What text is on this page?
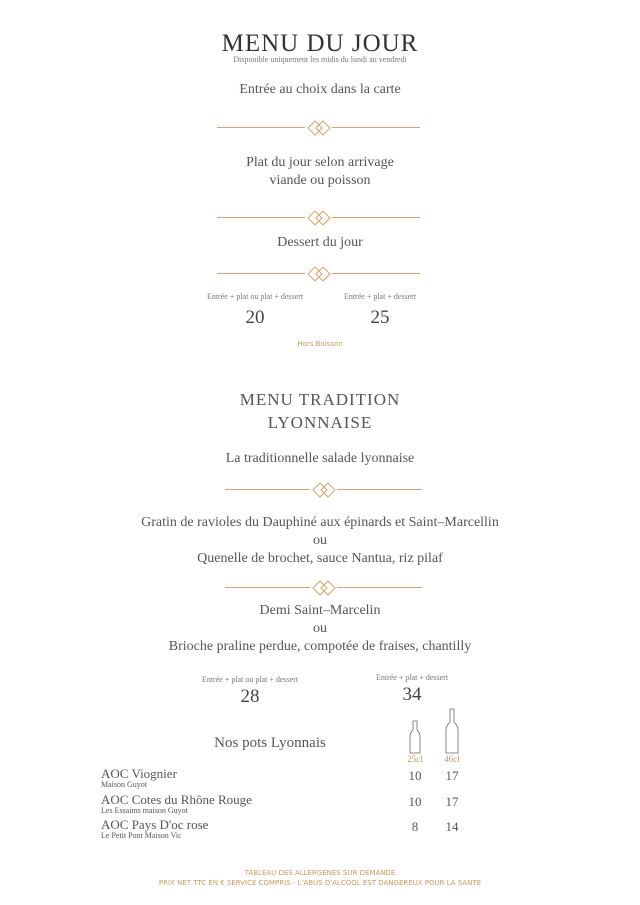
MENU DU JOUR
Disponible uniquement les midis du lundi au vendredi
Entrée au choix dans la carte
Plat du jour selon arrivage
viande ou poisson
Dessert du jour
Entrée + plat ou plat + dessert
20
Entrée + plat + dessert
25
Hors Boisson
MENU TRADITION
LYONNAISE
La traditionnelle salade lyonnaise
Gratin de ravioles du Dauphiné aux épinards et Saint–Marcellin
ou
Quenelle de brochet, sauce Nantua, riz pilaf
Demi Saint–Marcelin
ou
Brioche praline perdue, compotée de fraises, chantilly
Entrée + plat ou plat + dessert
28
Entrée + plat + dessert
34
Nos pots Lyonnais
25cl	46cl
AOC Viognier
Maison Guyot
10	17
AOC Cotes du Rhône Rouge
Les Essaims maison Guyot
10	17
AOC Pays D'oc rose
Le Petit Pont Maison Vic
8	14
TABLEAU DES ALLERGENES SUR DEMANDE
PRIX NET TTC EN € SERVICE COMPRIS - L'ABUS D'ALCOOL EST DANGEREUX POUR LA SANTE
